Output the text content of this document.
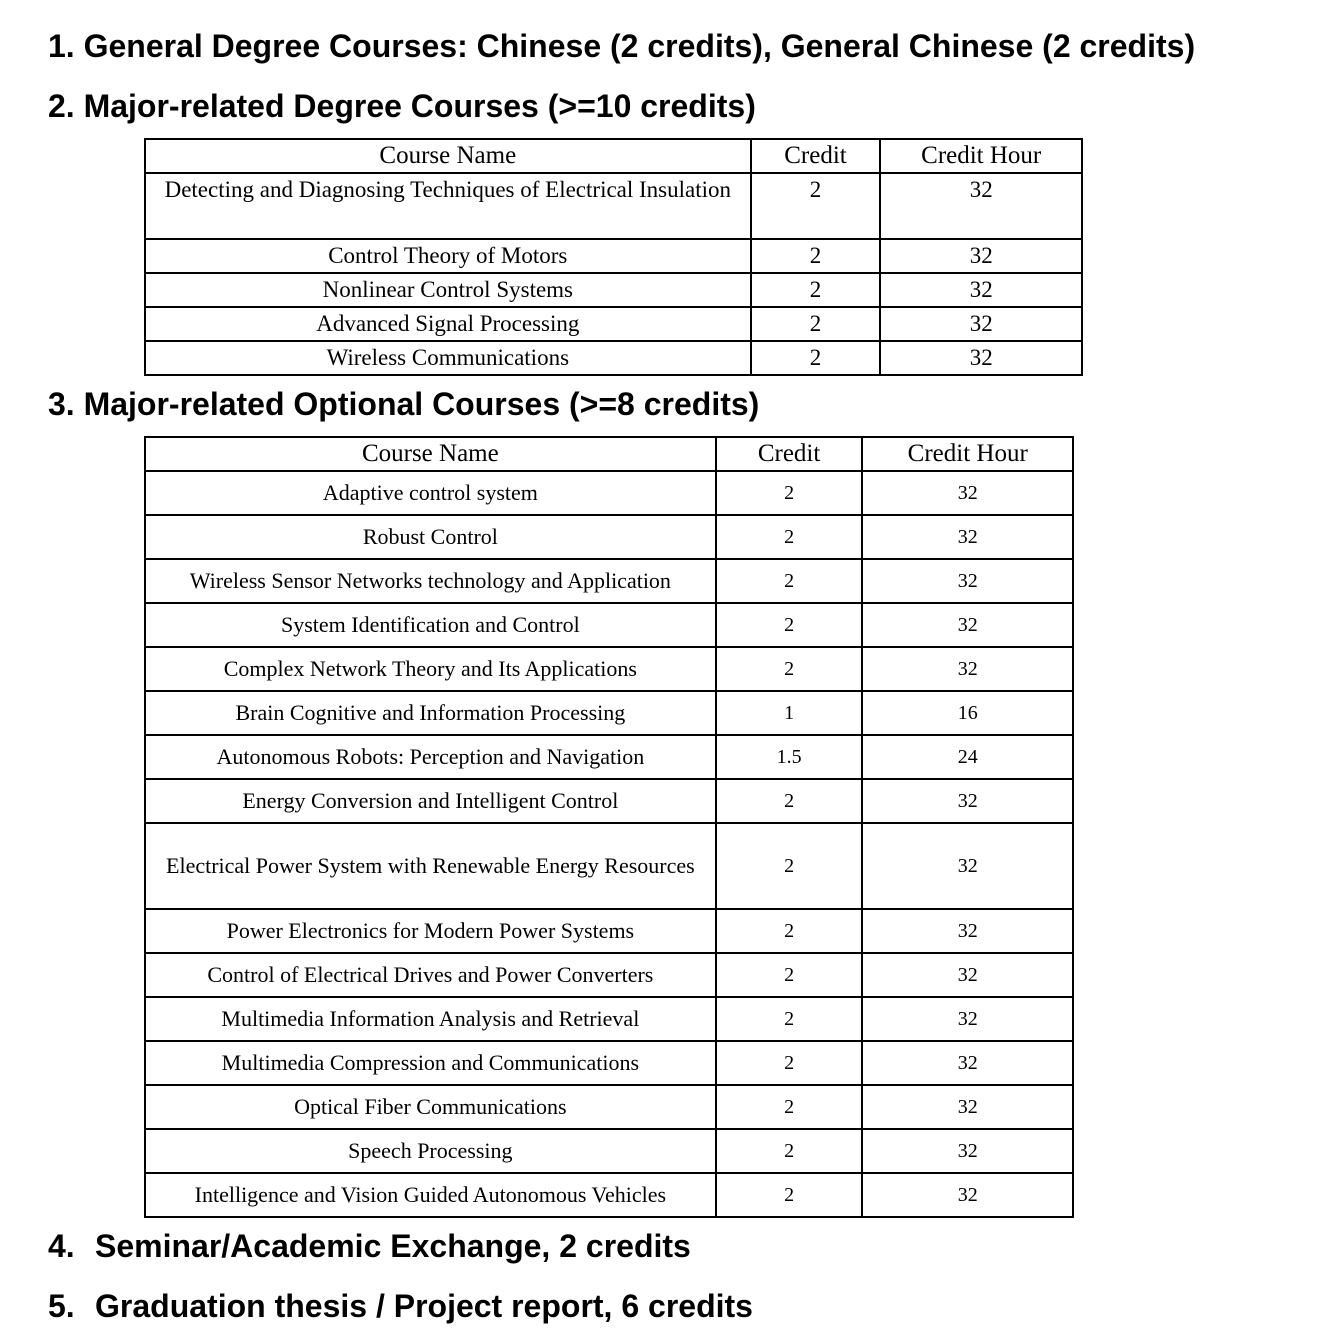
1. General Degree Courses: Chinese (2 credits), General Chinese (2 credits)
2. Major-related Degree Courses (>=10 credits)
Course Name	Credit	Credit Hour

Detecting and Diagnosing Techniques of Electrical Insulation	2	32
Control Theory of Motors	2	32
Nonlinear Control Systems	2	32
Advanced Signal Processing	2	32
Wireless Communications	2	32
3. Major-related Optional Courses (>=8 credits)
Course Name	Credit	Credit Hour
Adaptive control system	2	32
Robust Control	2	32
Wireless Sensor Networks technology and Application	2	32
System Identification and Control	2	32
Complex Network Theory and Its Applications	2	32
Brain Cognitive and Information Processing	1	16
Autonomous Robots: Perception and Navigation	1.5	24
Energy Conversion and Intelligent Control	2	32
Electrical Power System with Renewable Energy Resources	2	32
Power Electronics for Modern Power Systems	2	32
Control of Electrical Drives and Power Converters	2	32
Multimedia Information Analysis and Retrieval	2	32
Multimedia Compression and Communications	2	32
Optical Fiber Communications	2	32
Speech Processing	2	32
Intelligence and Vision Guided Autonomous Vehicles	2	32
4. Seminar/Academic Exchange, 2 credits
5. Graduation thesis / Project report, 6 credits
